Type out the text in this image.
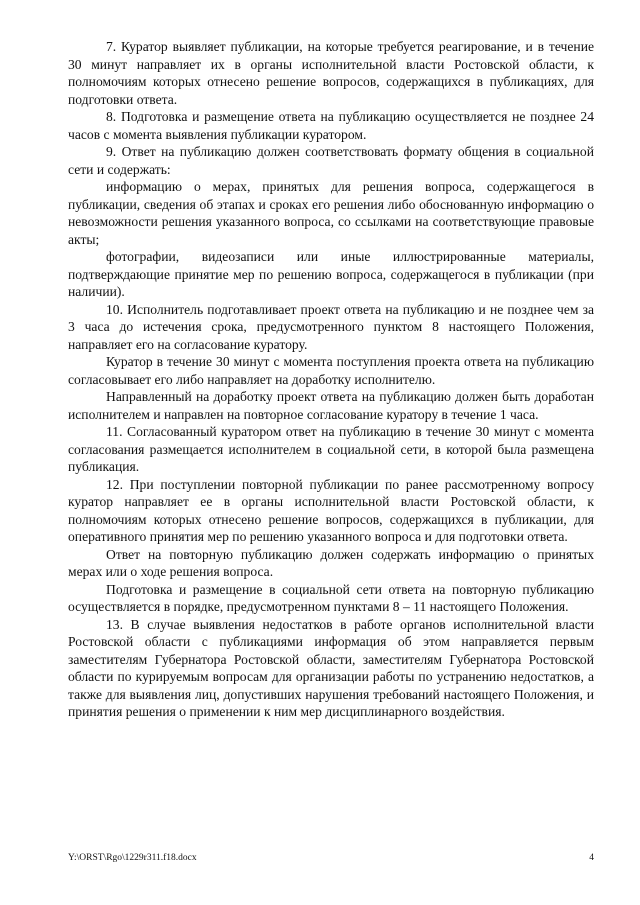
7. Куратор выявляет публикации, на которые требуется реагирование, и в течение 30 минут направляет их в органы исполнительной власти Ростовской области, к полномочиям которых отнесено решение вопросов, содержащихся в публикациях, для подготовки ответа.

8. Подготовка и размещение ответа на публикацию осуществляется не позднее 24 часов с момента выявления публикации куратором.

9. Ответ на публикацию должен соответствовать формату общения в социальной сети и содержать:

информацию о мерах, принятых для решения вопроса, содержащегося в публикации, сведения об этапах и сроках его решения либо обоснованную информацию о невозможности решения указанного вопроса, со ссылками на соответствующие правовые акты;

фотографии, видеозаписи или иные иллюстрированные материалы, подтверждающие принятие мер по решению вопроса, содержащегося в публикации (при наличии).

10. Исполнитель подготавливает проект ответа на публикацию и не позднее чем за 3 часа до истечения срока, предусмотренного пунктом 8 настоящего Положения, направляет его на согласование куратору.

Куратор в течение 30 минут с момента поступления проекта ответа на публикацию согласовывает его либо направляет на доработку исполнителю.

Направленный на доработку проект ответа на публикацию должен быть доработан исполнителем и направлен на повторное согласование куратору в течение 1 часа.

11. Согласованный куратором ответ на публикацию в течение 30 минут с момента согласования размещается исполнителем в социальной сети, в которой была размещена публикация.

12. При поступлении повторной публикации по ранее рассмотренному вопросу куратор направляет ее в органы исполнительной власти Ростовской области, к полномочиям которых отнесено решение вопросов, содержащихся в публикации, для оперативного принятия мер по решению указанного вопроса и для подготовки ответа.

Ответ на повторную публикацию должен содержать информацию о принятых мерах или о ходе решения вопроса.

Подготовка и размещение в социальной сети ответа на повторную публикацию осуществляется в порядке, предусмотренном пунктами 8 – 11 настоящего Положения.

13. В случае выявления недостатков в работе органов исполнительной власти Ростовской области с публикациями информация об этом направляется первым заместителям Губернатора Ростовской области, заместителям Губернатора Ростовской области по курируемым вопросам для организации работы по устранению недостатков, а также для выявления лиц, допустивших нарушения требований настоящего Положения, и принятия решения о применении к ним мер дисциплинарного воздействия.

Y:\ORST\Rgo\1229r311.f18.docx	4
